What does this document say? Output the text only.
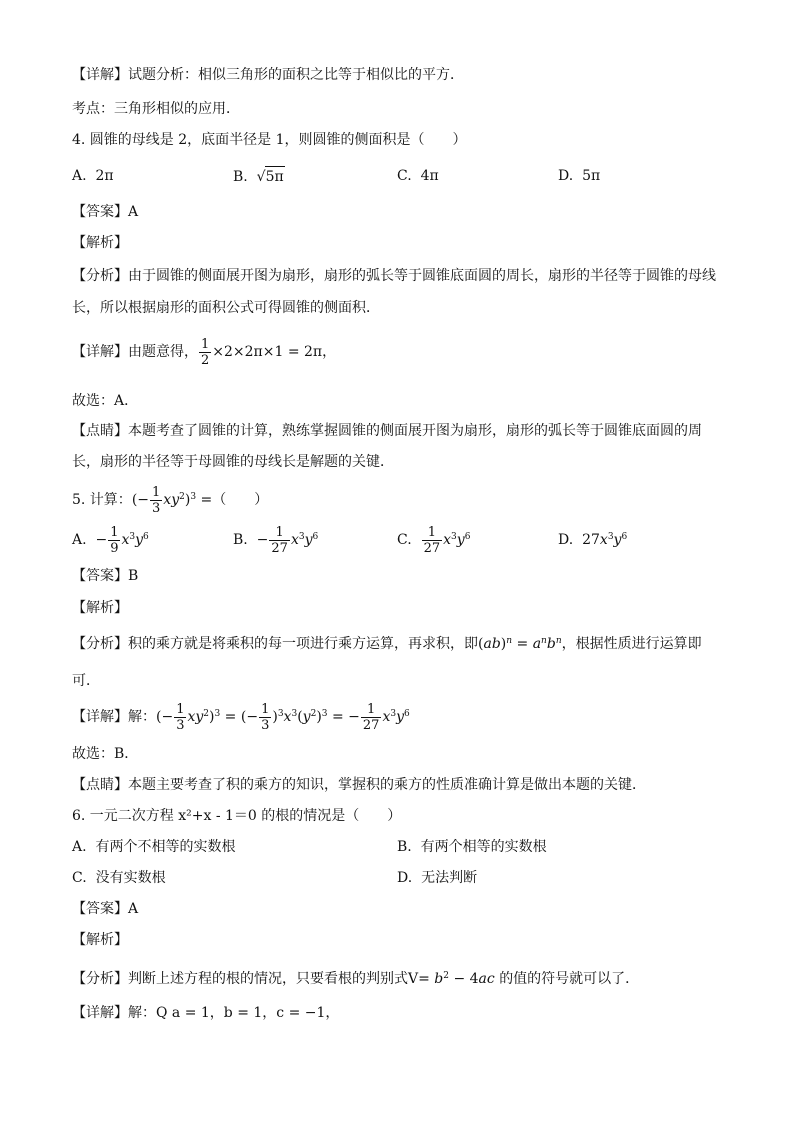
【详解】试题分析：相似三角形的面积之比等于相似比的平方．
考点：三角形相似的应用．
4. 圆锥的母线是 2，底面半径是 1，则圆锥的侧面积是（　　）
A. 2π	B.  √5π	C. 4π	D. 5π
【答案】A
【解析】
【分析】由于圆锥的侧面展开图为扇形，扇形的弧长等于圆锥底面圆的周长，扇形的半径等于圆锥的母线
长，所以根据扇形的面积公式可得圆锥的侧面积．
【详解】由题意得， $\frac{1}{2} \times 2\times 2\pi\times 1 = 2\pi$，
故选：A．
【点睛】本题考查了圆锥的计算，熟练掌握圆锥的侧面展开图为扇形，扇形的弧长等于圆锥底面圆的周
长，扇形的半径等于母圆锥的母线长是解题的关键．
5. 计算：(− $\frac{1}{3} xy^2)^3$ =（　　）
A.  − $\frac{1}{9} x^3y^6$	B.  − $\frac{1}{27} x^3y^6$	C. $\frac{1}{27} x^3y^6$	D.  $27x^3y^6$
【答案】B
【解析】
【分析】积的乘方就是将乘积的每一项进行乘方运算，再求积，即$(ab)^n = a^nb^n$，根据性质进行运算即
可．
【详解】解：(− $\frac{1}{3} xy^2)^3$ = (− $\frac{1}{3} )^3x^3(y^2)^3$ = − $\frac{1}{27} x^3y^6$
故选：B．
【点睛】本题主要考查了积的乘方的知识，掌握积的乘方的性质准确计算是做出本题的关键．
6. 一元二次方程 x²+x - 1＝0 的根的情况是（　　）
A. 有两个不相等的实数根	B. 有两个相等的实数根
C. 没有实数根	D. 无法判断
【答案】A
【解析】
【分析】判断上述方程的根的情况，只要看根的判别式$V= b^2 - 4ac$ 的值的符号就可以了．
【详解】解：Q a = 1，b = 1，c = −1，
